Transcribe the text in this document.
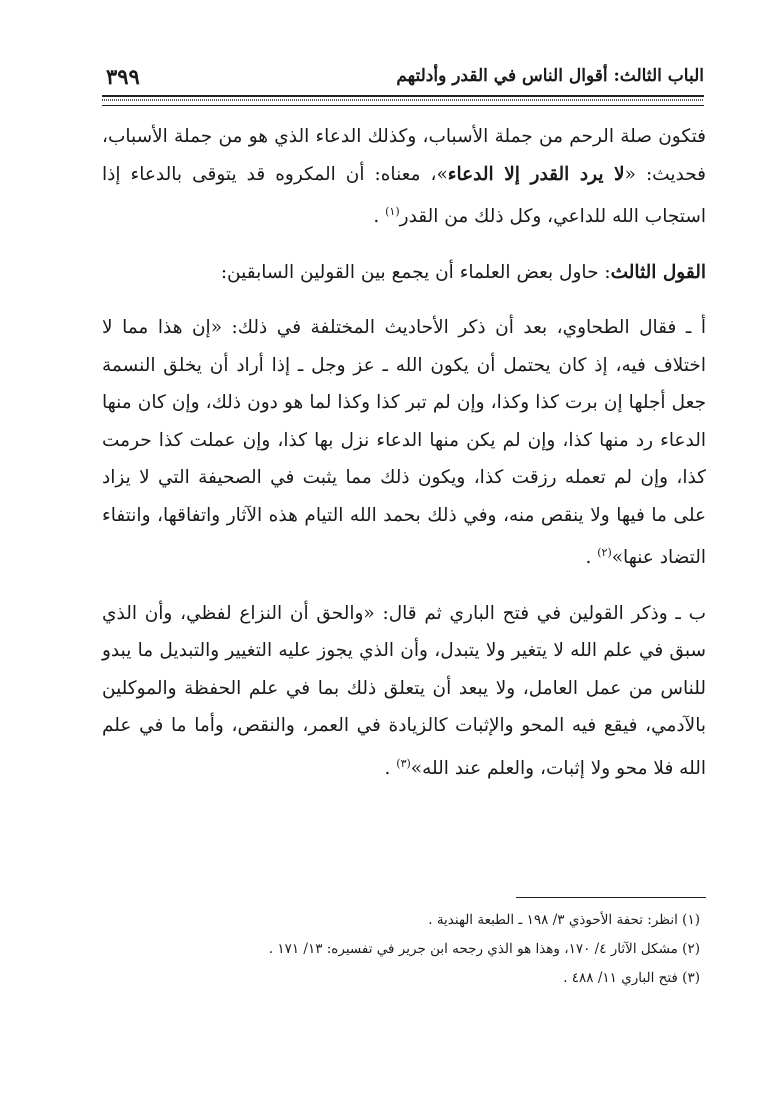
الباب الثالث: أقوال الناس في القدر وأدلتهم
٣٩٩

فتكون صلة الرحم من جملة الأسباب، وكذلك الدعاء الذي هو من جملة الأسباب، فحديث: «لا يرد القدر إلا الدعاء»، معناه: أن المكروه قد يتوقى بالدعاء إذا استجاب الله للداعي، وكل ذلك من القدر$^{(١)}$ .

القول الثالث: حاول بعض العلماء أن يجمع بين القولين السابقين:

أ ـ فقال الطحاوي، بعد أن ذكر الأحاديث المختلفة في ذلك: «إن هذا مما لا اختلاف فيه، إذ كان يحتمل أن يكون الله ـ عز وجل ـ إذا أراد أن يخلق النسمة جعل أجلها إن برت كذا وكذا، وإن لم تبر كذا وكذا لما هو دون ذلك، وإن كان منها الدعاء رد منها كذا، وإن لم يكن منها الدعاء نزل بها كذا، وإن عملت كذا حرمت كذا، وإن لم تعمله رزقت كذا، ويكون ذلك مما يثبت في الصحيفة التي لا يزاد على ما فيها ولا ينقص منه، وفي ذلك بحمد الله التيام هذه الآثار واتفاقها، وانتفاء التضاد عنها»$^{(٢)}$ .

ب ـ وذكر القولين في فتح الباري ثم قال: «والحق أن النزاع لفظي، وأن الذي سبق في علم الله لا يتغير ولا يتبدل، وأن الذي يجوز عليه التغيير والتبديل ما يبدو للناس من عمل العامل، ولا يبعد أن يتعلق ذلك بما في علم الحفظة والموكلين بالآدمي، فيقع فيه المحو والإثبات كالزيادة في العمر، والنقص، وأما ما في علم الله فلا محو ولا إثبات، والعلم عند الله»$^{(٣)}$ .

(١) انظر: تحفة الأحوذي ٣/ ١٩٨ ـ الطبعة الهندية .
(٢) مشكل الآثار ٤/ ١٧٠، وهذا هو الذي رجحه ابن جرير في تفسيره: ١٣/ ١٧١ .
(٣) فتح الباري ١١/ ٤٨٨ .
